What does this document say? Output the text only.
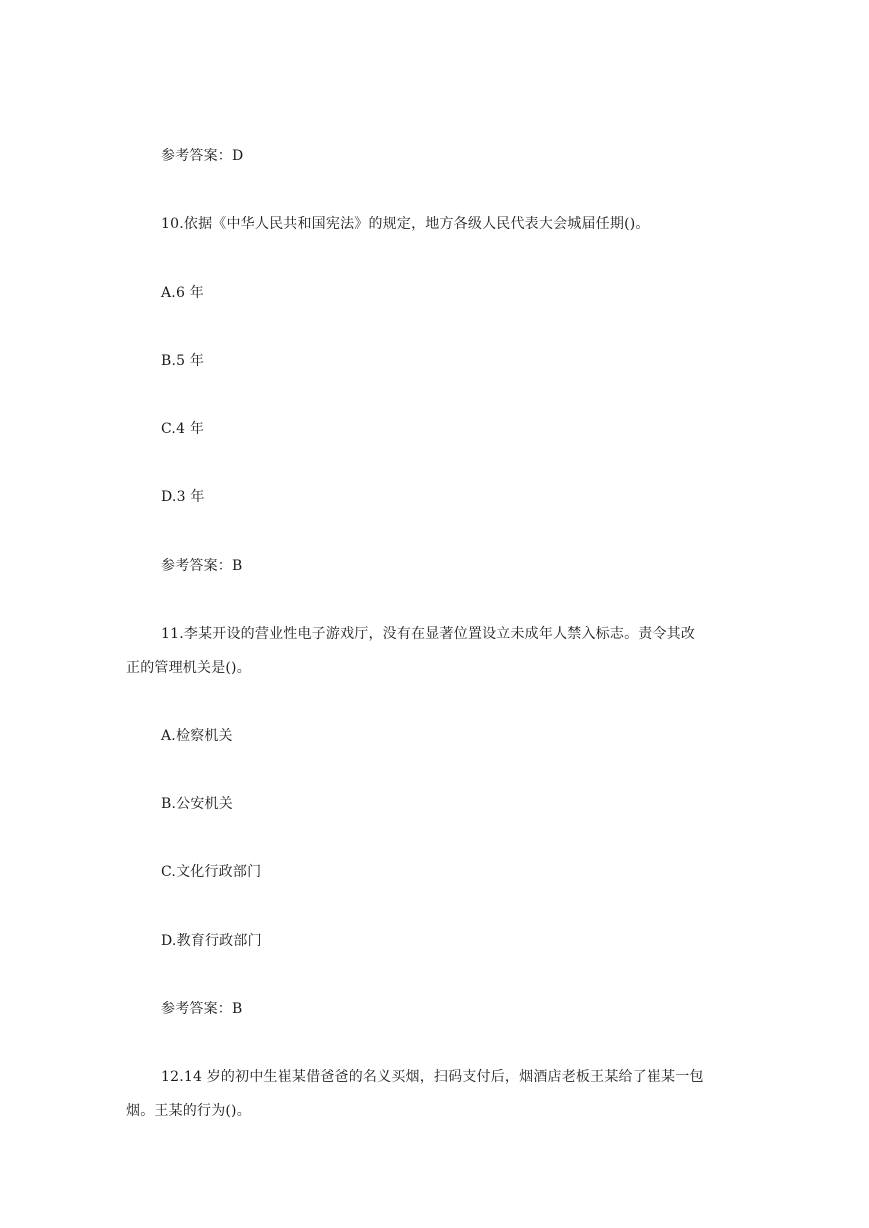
参考答案：D
10.依据《中华人民共和国宪法》的规定，地方各级人民代表大会城届任期()。
A.6 年
B.5 年
C.4 年
D.3 年
参考答案：B
11.李某开设的营业性电子游戏厅，没有在显著位置设立未成年人禁入标志。责令其改
正的管理机关是()。
A.检察机关
B.公安机关
C.文化行政部门
D.教育行政部门
参考答案：B
12.14 岁的初中生崔某借爸爸的名义买烟，扫码支付后，烟酒店老板王某给了崔某一包
烟。王某的行为()。
